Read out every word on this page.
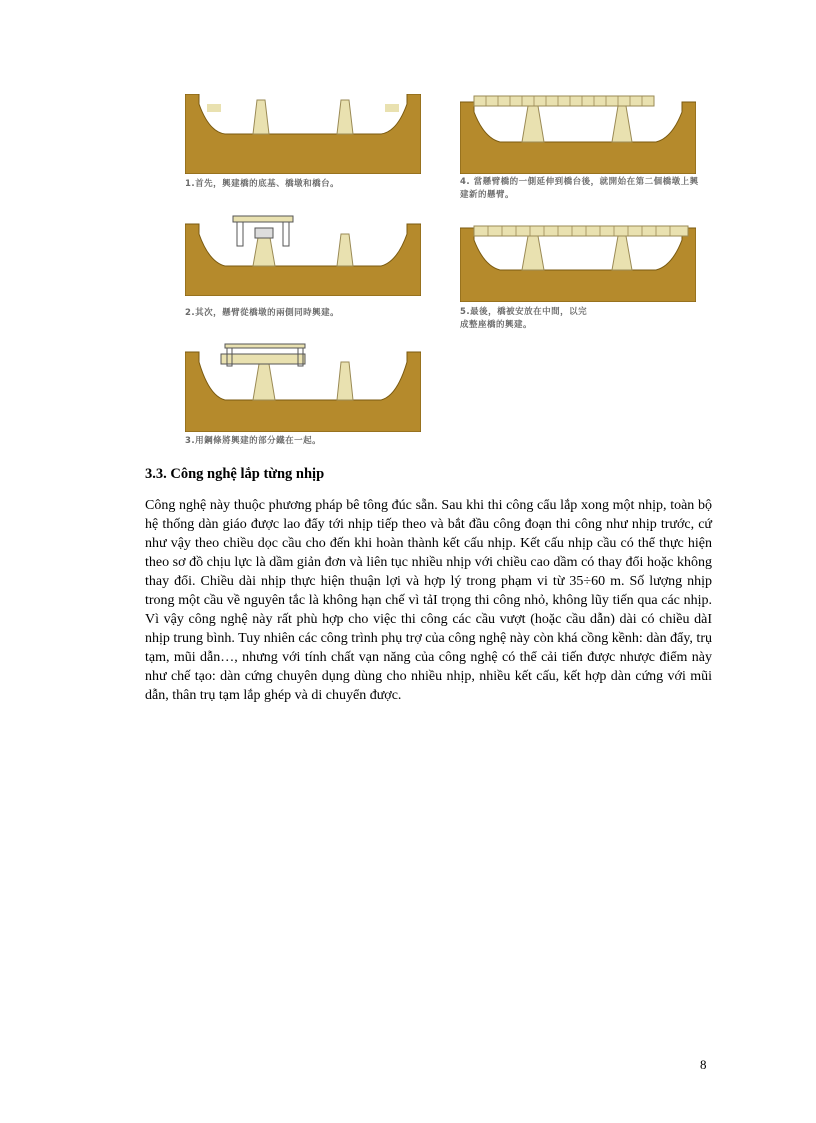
1.首先，興建橋的底基、橋墩和橋台。
2.其次，懸臂從橋墩的兩側同時興建。
3.用鋼條將興建的部分鐵在一起。
4. 當懸臂橋的一側延伸到橋台後，就開始在第二個橋墩上興建新的懸臂。
5.最後，橋被安放在中間，以完成整座橋的興建。
3.3. Công nghệ lắp từng nhịp

Công nghệ này thuộc phương pháp bê tông đúc sẵn. Sau khi thi công cẩu lắp xong một nhịp, toàn bộ hệ thống dàn giáo được lao đẩy tới nhịp tiếp theo và bắt đầu công đoạn thi công như nhịp trước, cứ như vậy theo chiều dọc cầu cho đến khi hoàn thành kết cấu nhịp. Kết cấu nhịp cầu có thể thực hiện theo sơ đồ chịu lực là dầm giản đơn và liên tục nhiều nhịp với chiều cao dầm có thay đổi hoặc không thay đổi. Chiều dài nhịp thực hiện thuận lợi và hợp lý trong phạm vi từ 35÷60 m. Số lượng nhịp trong một cầu về nguyên tắc là không hạn chế vì tảI trọng thi công nhỏ, không lũy tiến qua các nhịp. Vì vậy công nghệ này rất phù hợp cho việc thi công các cầu vượt (hoặc cầu dẫn) dài có chiều dàI nhịp trung bình. Tuy nhiên các công trình phụ trợ của công nghệ này còn khá cồng kềnh: dàn đẩy, trụ tạm, mũi dẫn…, nhưng với tính chất vạn năng của công nghệ có thể cải tiến được nhược điểm này như chế tạo: dàn cứng chuyên dụng dùng cho nhiều nhịp, nhiều kết cấu, kết hợp dàn cứng với mũi dẫn, thân trụ tạm lắp ghép và di chuyển được.

8
